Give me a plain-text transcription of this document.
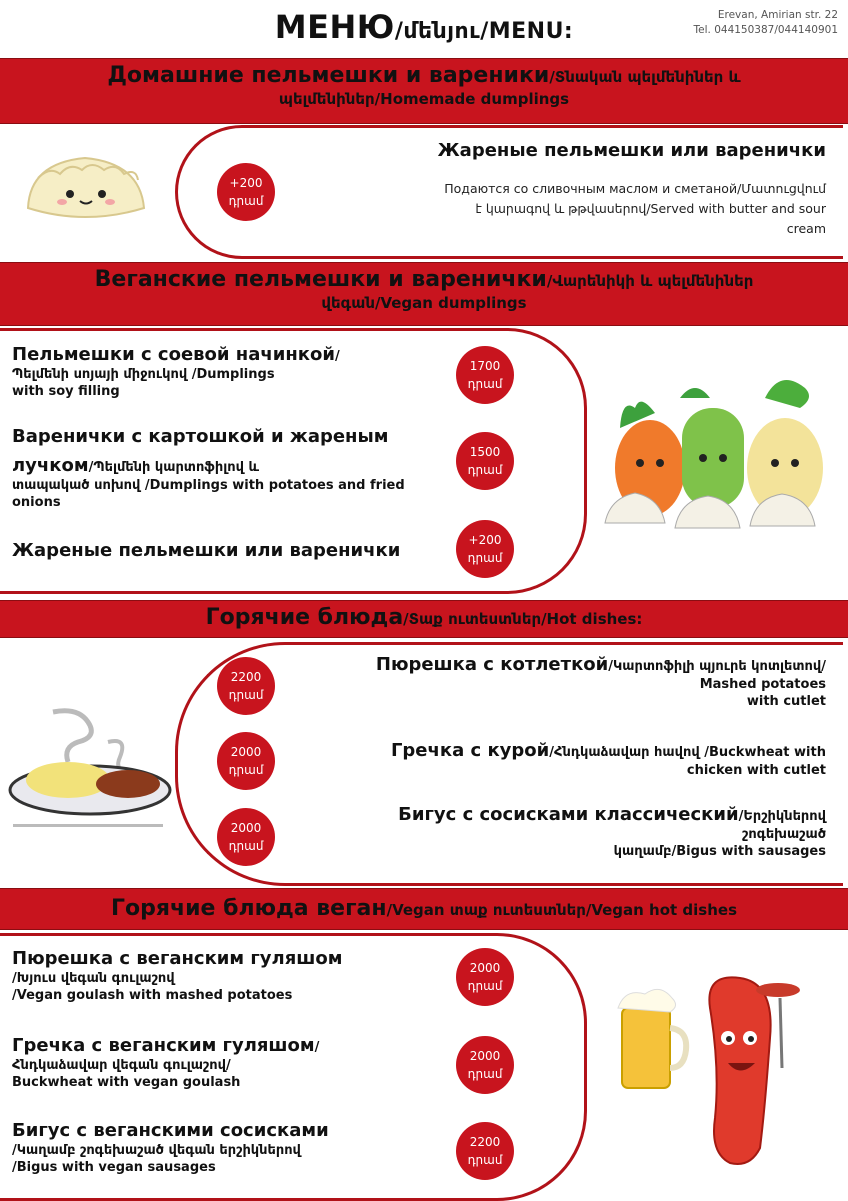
МЕНЮ/մենյու/MENU:
Erevan, Amirian str. 22
Tel. 044150387/044140901
Домашние пельмешки и вареники/Տնական պելմենիներ և
պելմենիներ/Homemade dumplings
+200
դրամ
Жареные пельмешки или варенички
Подаются со сливочным маслом и сметаной/Մատուցվում
է կարագով և թթվասերով/Served with butter and sour
cream
Веганские пельмешки и варенички/Վարենիկի և պելմենիներ
վեգան/Vegan dumplings
Пельмешки с соевой начинкой/
Պելմենի սոյայի միջուկով /Dumplings
with soy filling
Варенички с картошкой и жареным
лучком/Պելմենի կարտոֆիլով և
տապակած սոխով /Dumplings with potatoes and fried
onions
Жареные пельмешки или варенички
1700
դրամ
1500
դրամ
+200
դրամ
Горячие блюда/Տաք ուտեստներ/Hot dishes:
2200
դրամ
2000
դրամ
2000
դրամ
Пюрешка с котлеткой/Կարտոֆիլի պյուրե կոտլետով/
Mashed potatoes
with cutlet
Гречка с курой/Հնդկաձավար հավով /Buckwheat with
chicken with cutlet
Бигус с сосисками классический/Երշիկներով
շոգեխաշած
կաղամբ/Bigus with sausages
Горячие блюда веган/Vegan տաք ուտեստներ/Vegan hot dishes
Пюрешка с веганским гуляшом
/Խյուս վեգան գուլաշով
/Vegan goulash with mashed potatoes
Гречка с веганским гуляшом/
Հնդկաձավար վեգան գուլաշով/
Buckwheat with vegan goulash
Бигус с веганскими сосисками
/Կաղամբ շոգեխաշած վեգան երշիկներով
/Bigus with vegan sausages
2000
դրամ
2000
դրամ
2200
դրամ
